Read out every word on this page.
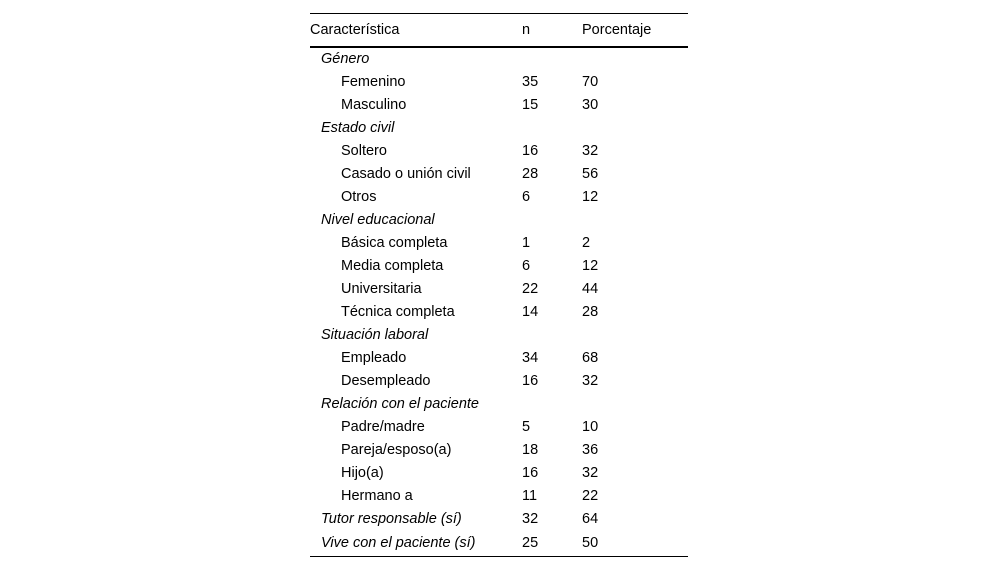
Característica	n	Porcentaje
Género		
Femenino	35	70
Masculino	15	30
Estado civil		
Soltero	16	32
Casado o unión civil	28	56
Otros	6	12
Nivel educacional		
Básica completa	1	2
Media completa	6	12
Universitaria	22	44
Técnica completa	14	28
Situación laboral		
Empleado	34	68
Desempleado	16	32
Relación con el paciente		
Padre/madre	5	10
Pareja/esposo(a)	18	36
Hijo(a)	16	32
Hermano a	11	22
Tutor responsable (sí)	32	64
Vive con el paciente (sí)	25	50
